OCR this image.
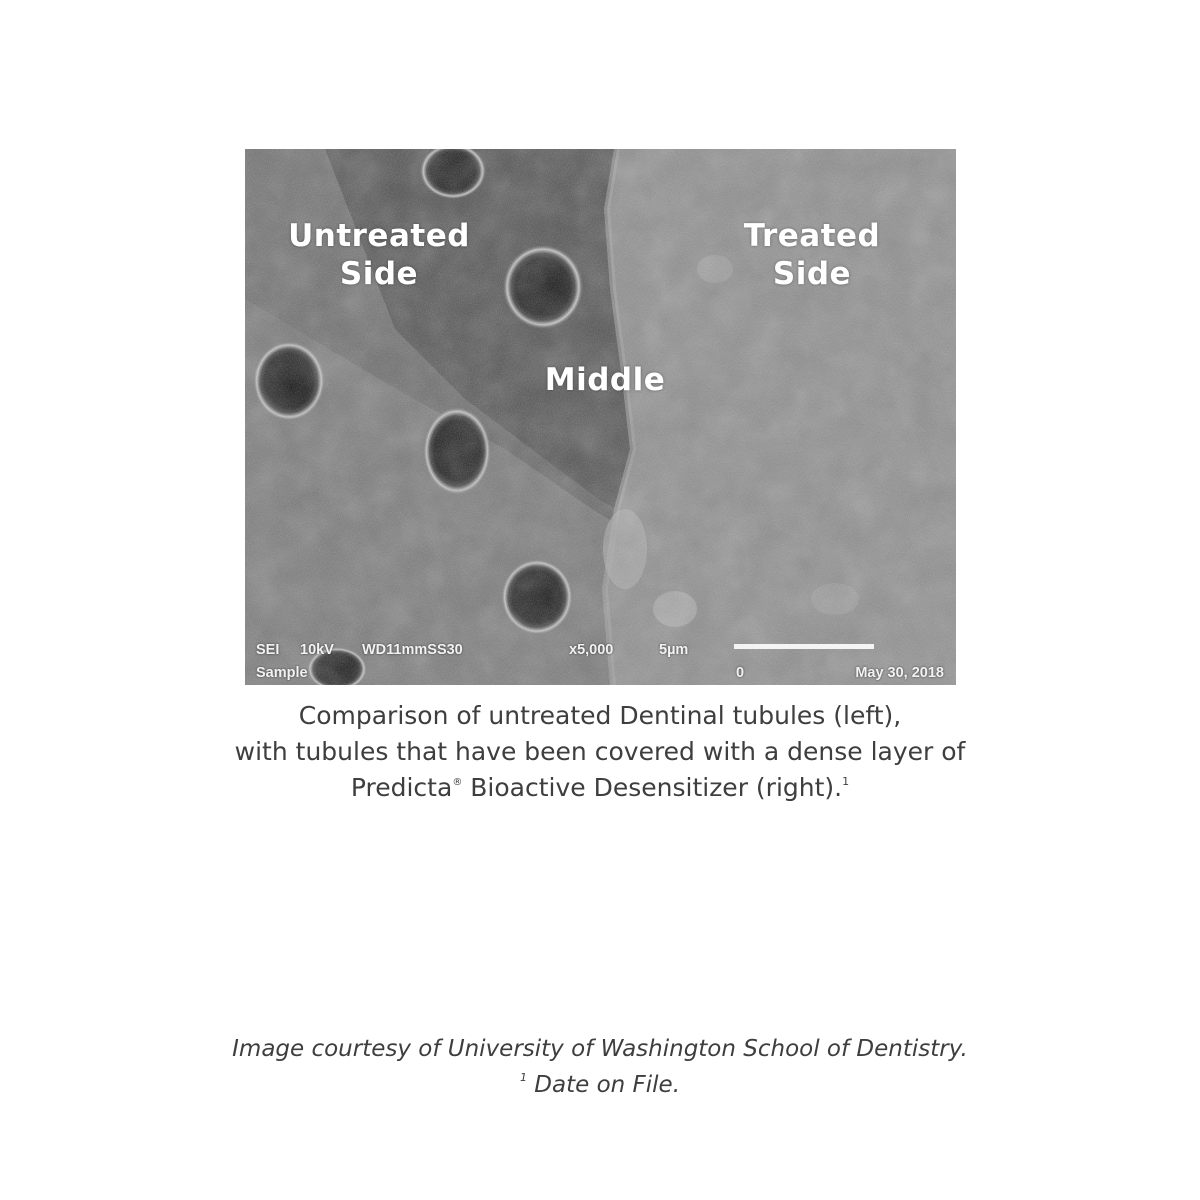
Untreated
Side
Treated
Side
Middle
SEI 10kV WD11mmSS30	x5,000	5µm
Sample	0	May 30, 2018
Comparison of untreated Dentinal tubules (left),
with tubules that have been covered with a dense layer of
Predicta® Bioactive Desensitizer (right).$^1$
Image courtesy of University of Washington School of Dentistry.
$^1$ Date on File.
